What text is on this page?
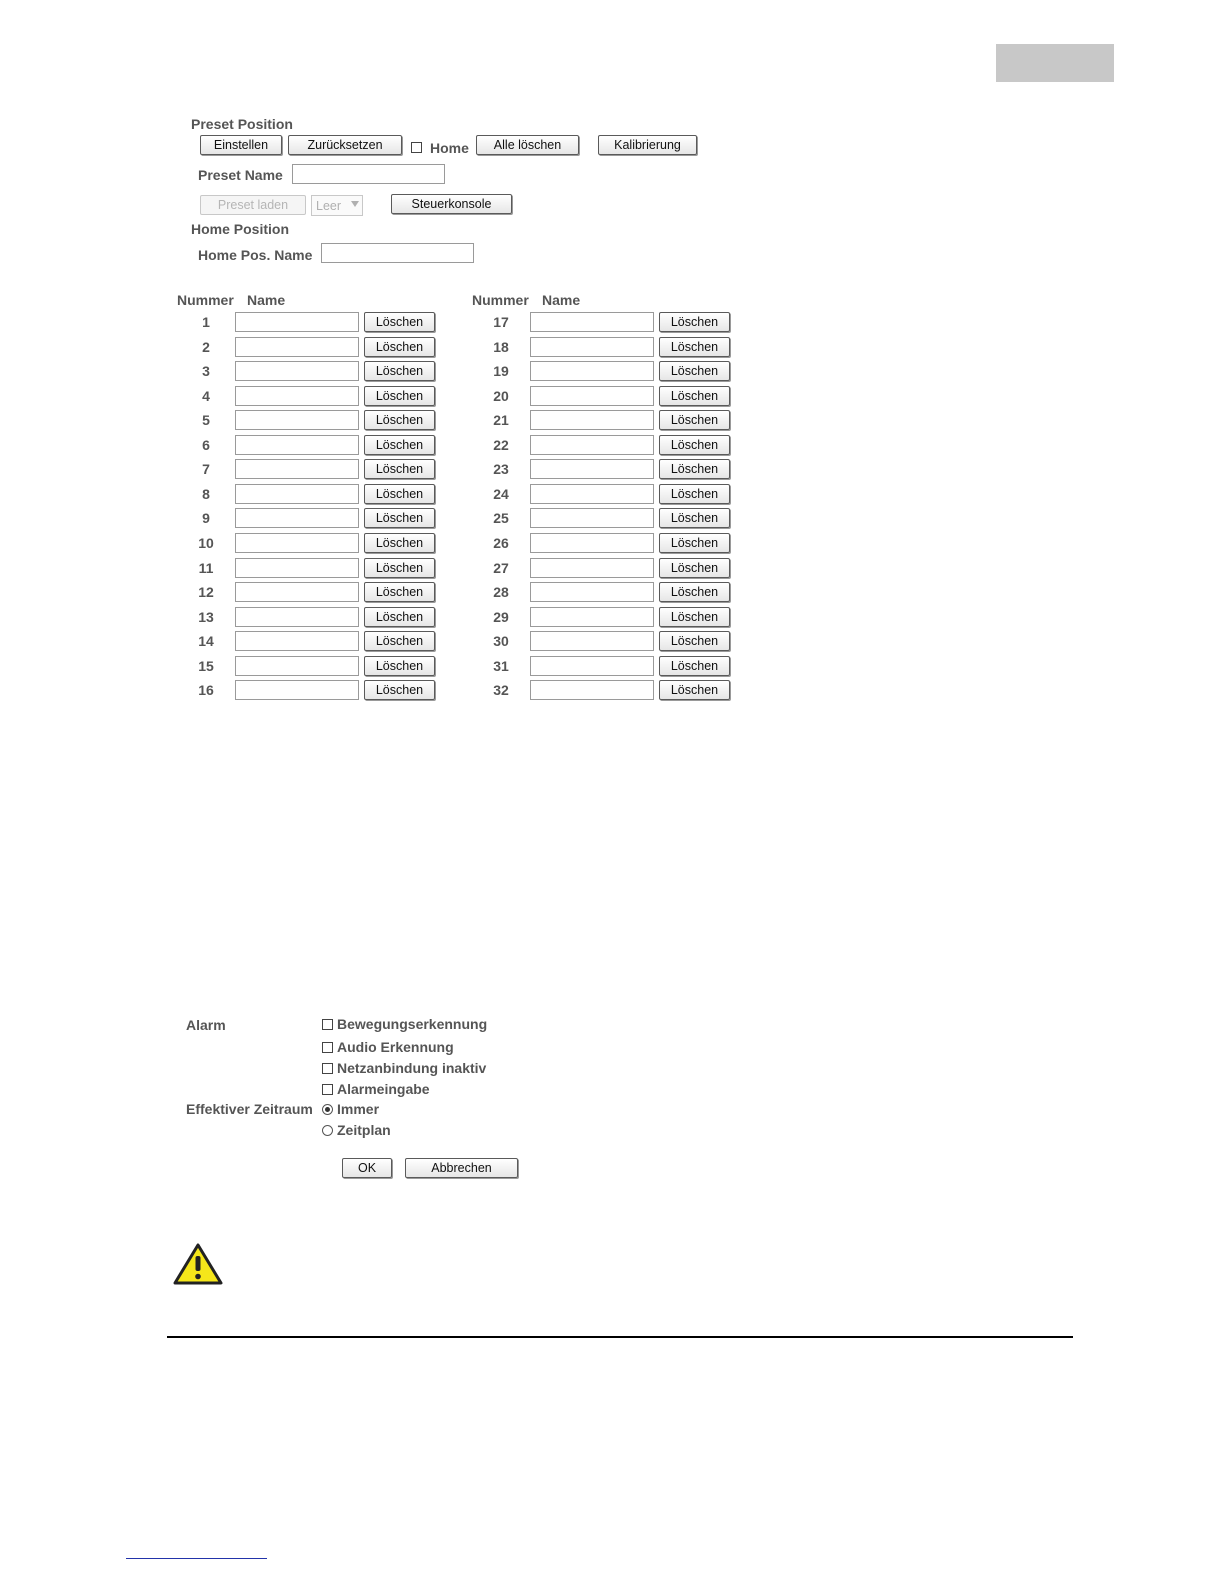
Preset Position
Einstellen	Zurücksetzen	Home	Alle löschen	Kalibrierung
Preset Name
Preset laden	Leer	Steuerkonsole
Home Position
Home Pos. Name
Nummer Name	Nummer Name
1	Löschen
2	Löschen
3	Löschen
4	Löschen
5	Löschen
6	Löschen
7	Löschen
8	Löschen
9	Löschen
10	Löschen
11	Löschen
12	Löschen
13	Löschen
14	Löschen
15	Löschen
16	Löschen
17	Löschen
18	Löschen
19	Löschen
20	Löschen
21	Löschen
22	Löschen
23	Löschen
24	Löschen
25	Löschen
26	Löschen
27	Löschen
28	Löschen
29	Löschen
30	Löschen
31	Löschen
32	Löschen
Alarm	Bewegungserkennung
Audio Erkennung
Netzanbindung inaktiv
Alarmeingabe
Effektiver Zeitraum Immer
Zeitplan
OK	Abbrechen
